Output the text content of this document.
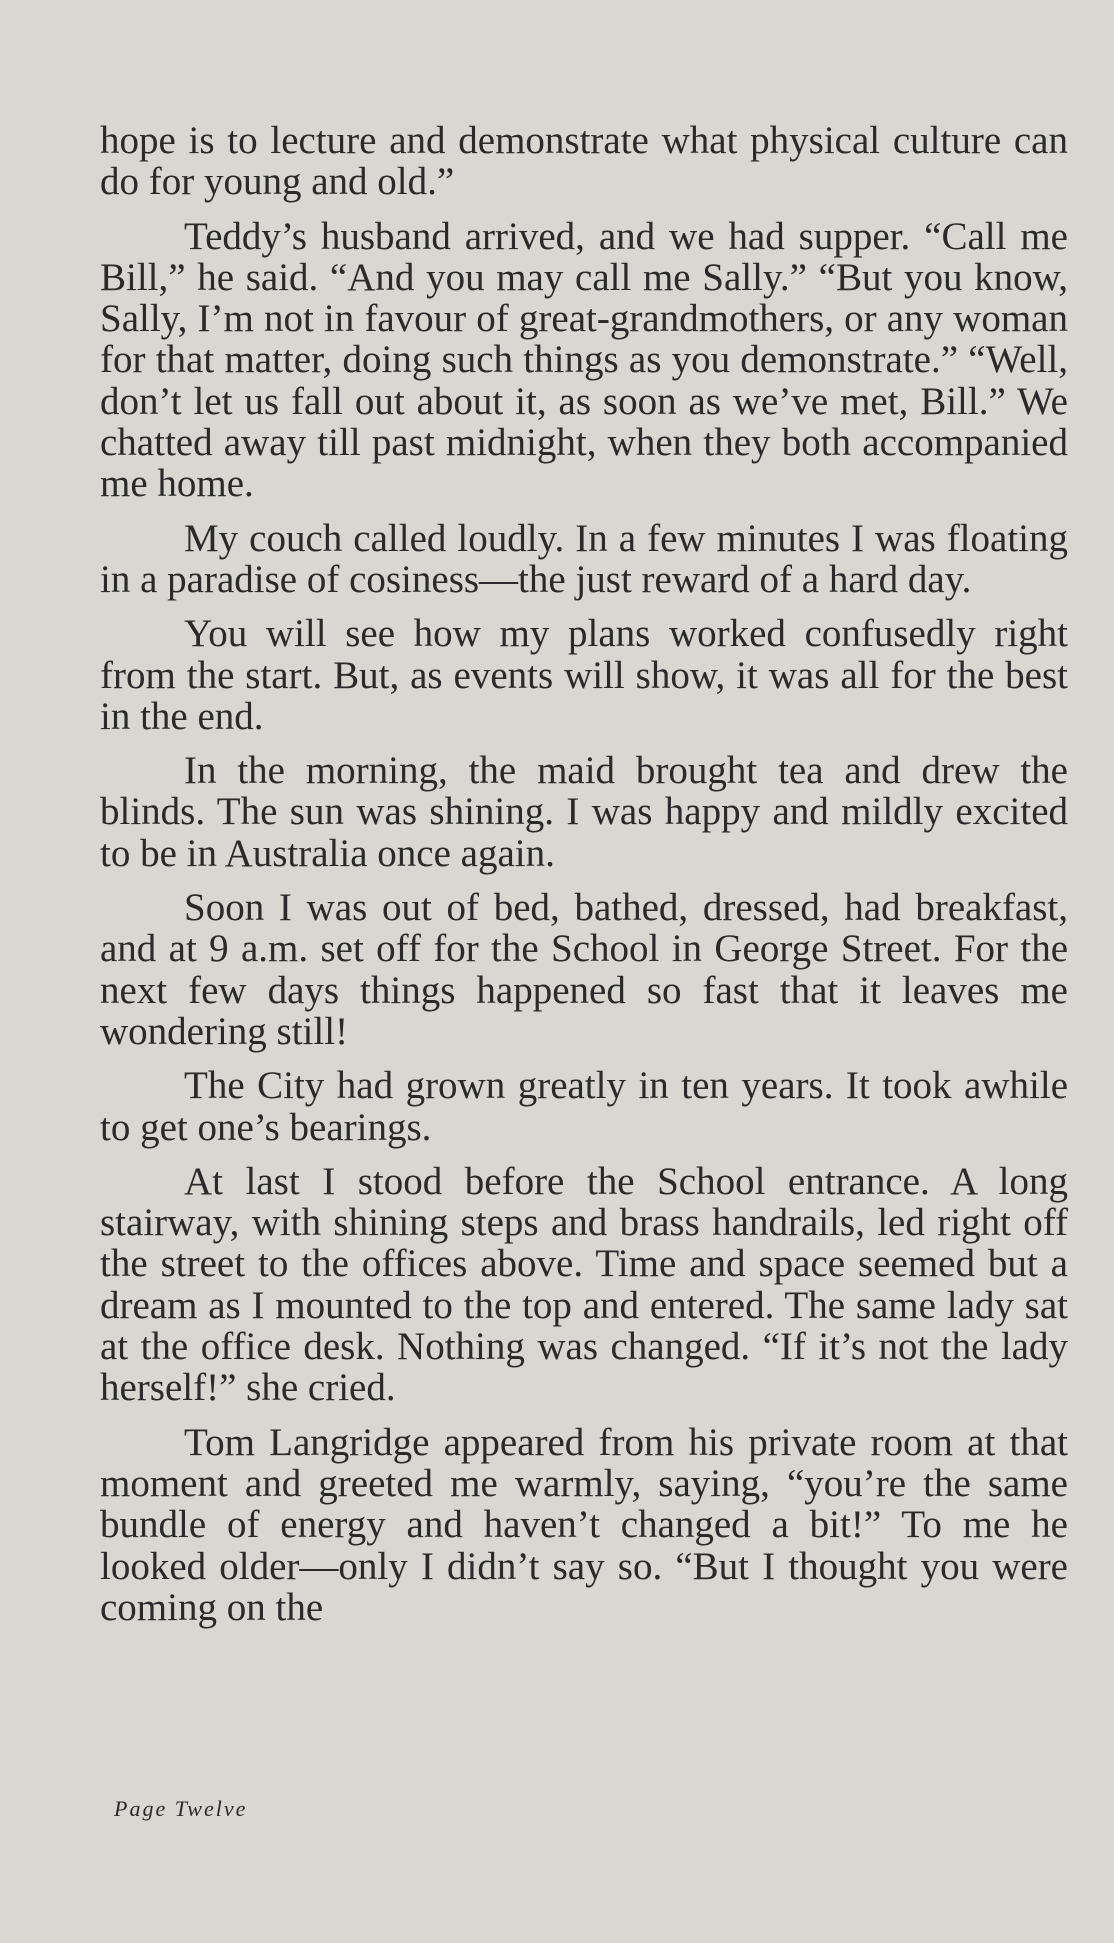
hope is to lecture and demonstrate what physical culture can do for young and old.”

Teddy’s husband arrived, and we had supper. “Call me Bill,” he said. “And you may call me Sally.” “But you know, Sally, I’m not in favour of great-grandmothers, or any woman for that matter, doing such things as you demonstrate.” “Well, don’t let us fall out about it, as soon as we’ve met, Bill.” We chatted away till past midnight, when they both accompanied me home.

My couch called loudly. In a few minutes I was floating in a paradise of cosiness—the just reward of a hard day.

You will see how my plans worked confusedly right from the start. But, as events will show, it was all for the best in the end.

In the morning, the maid brought tea and drew the blinds. The sun was shining. I was happy and mildly excited to be in Australia once again.

Soon I was out of bed, bathed, dressed, had breakfast, and at 9 a.m. set off for the School in George Street. For the next few days things happened so fast that it leaves me wondering still!

The City had grown greatly in ten years. It took awhile to get one’s bearings.

At last I stood before the School entrance. A long stairway, with shining steps and brass handrails, led right off the street to the offices above. Time and space seemed but a dream as I mounted to the top and entered. The same lady sat at the office desk. Nothing was changed. “If it’s not the lady herself!” she cried.

Tom Langridge appeared from his private room at that moment and greeted me warmly, saying, “you’re the same bundle of energy and haven’t changed a bit!” To me he looked older—only I didn’t say so. “But I thought you were coming on the

Page Twelve
